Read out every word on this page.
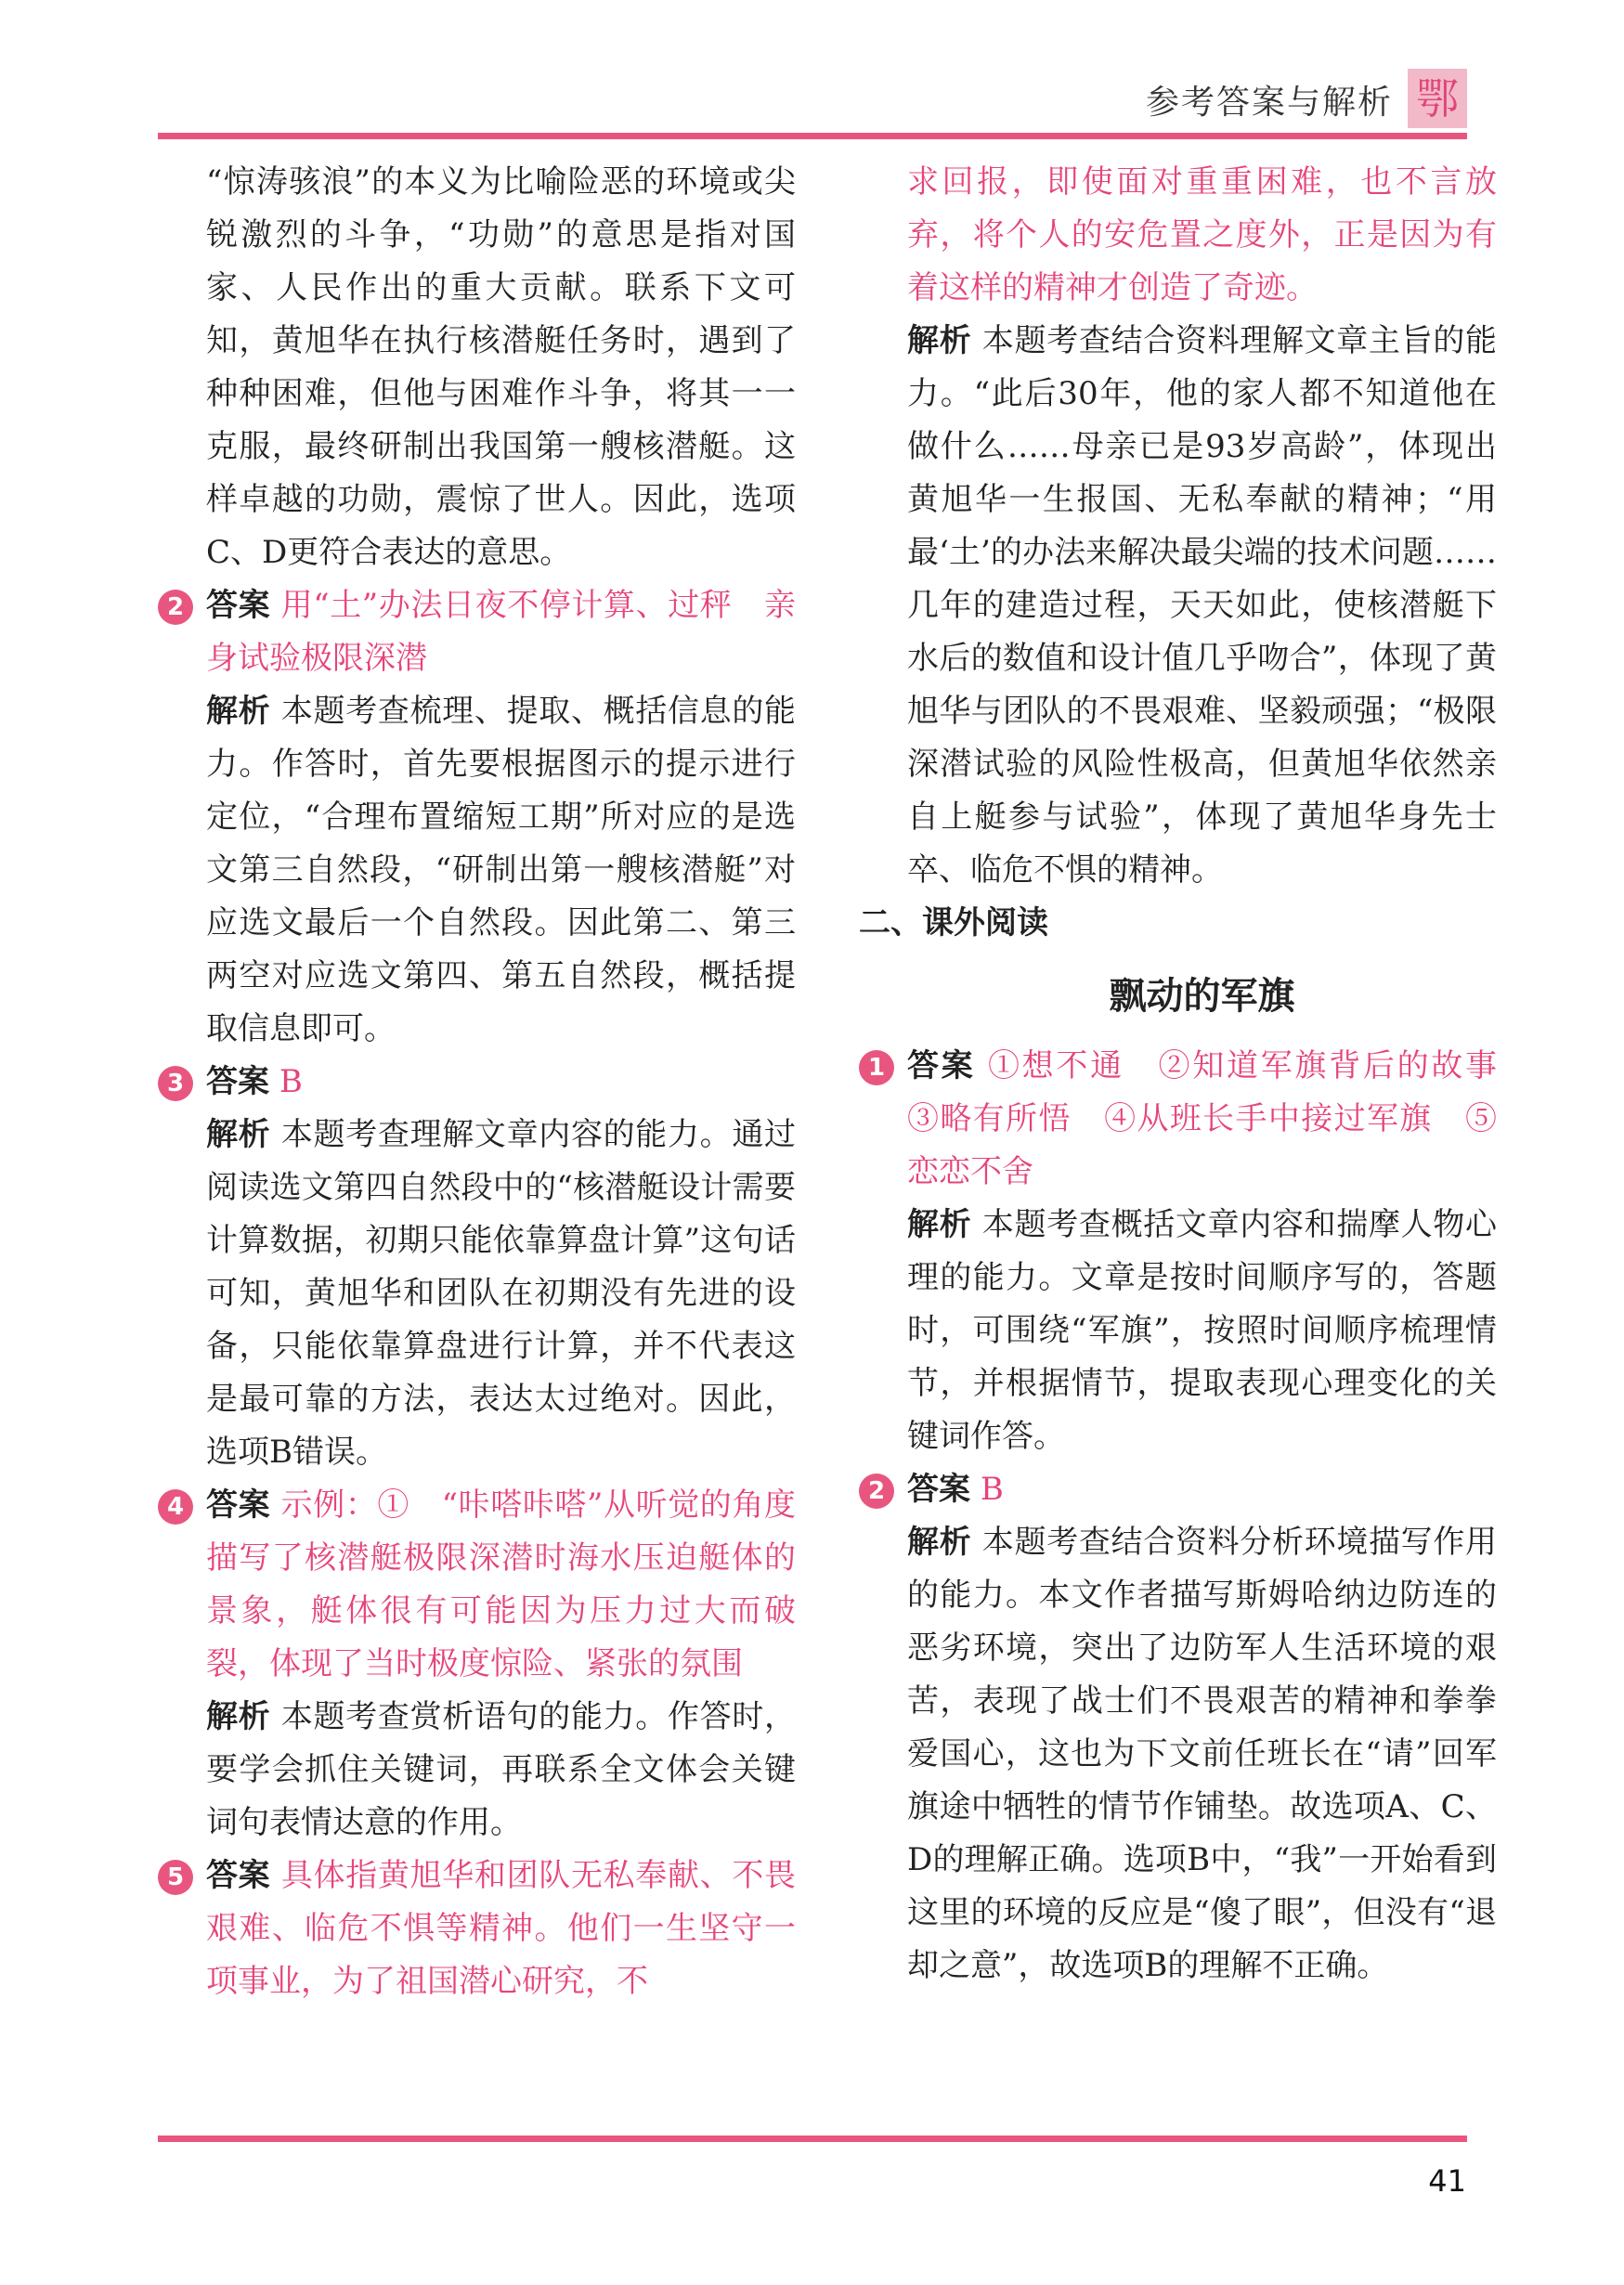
参考答案与解析 鄂

“惊涛骇浪”的本义为比喻险恶的环境或尖锐激烈的斗争，“功勋”的意思是指对国家、人民作出的重大贡献。联系下文可知，黄旭华在执行核潜艇任务时，遇到了种种困难，但他与困难作斗争，将其一一克服，最终研制出我国第一艘核潜艇。这样卓越的功勋，震惊了世人。因此，选项C、D更符合表达的意思。

2 答案 用“土”办法日夜不停计算、过秤　亲身试验极限深潜

解析 本题考查梳理、提取、概括信息的能力。作答时，首先要根据图示的提示进行定位，“合理布置缩短工期”所对应的是选文第三自然段，“研制出第一艘核潜艇”对应选文最后一个自然段。因此第二、第三两空对应选文第四、第五自然段，概括提取信息即可。

3 答案 B

解析 本题考查理解文章内容的能力。通过阅读选文第四自然段中的“核潜艇设计需要计算数据，初期只能依靠算盘计算”这句话可知，黄旭华和团队在初期没有先进的设备，只能依靠算盘进行计算，并不代表这是最可靠的方法，表达太过绝对。因此，选项B错误。

4 答案 示例：①　“咔嗒咔嗒”从听觉的角度描写了核潜艇极限深潜时海水压迫艇体的景象，艇体很有可能因为压力过大而破裂，体现了当时极度惊险、紧张的氛围

解析 本题考查赏析语句的能力。作答时，要学会抓住关键词，再联系全文体会关键词句表情达意的作用。

5 答案 具体指黄旭华和团队无私奉献、不畏艰难、临危不惧等精神。他们一生坚守一项事业，为了祖国潜心研究，不

求回报，即使面对重重困难，也不言放弃，将个人的安危置之度外，正是因为有着这样的精神才创造了奇迹。

解析 本题考查结合资料理解文章主旨的能力。“此后30年，他的家人都不知道他在做什么……母亲已是93岁高龄”，体现出黄旭华一生报国、无私奉献的精神；“用最‘土’的办法来解决最尖端的技术问题……几年的建造过程，天天如此，使核潜艇下水后的数值和设计值几乎吻合”，体现了黄旭华与团队的不畏艰难、坚毅顽强；“极限深潜试验的风险性极高，但黄旭华依然亲自上艇参与试验”，体现了黄旭华身先士卒、临危不惧的精神。

二、课外阅读

飘动的军旗

1 答案 ①想不通　②知道军旗背后的故事　③略有所悟　④从班长手中接过军旗　⑤恋恋不舍

解析 本题考查概括文章内容和揣摩人物心理的能力。文章是按时间顺序写的，答题时，可围绕“军旗”，按照时间顺序梳理情节，并根据情节，提取表现心理变化的关键词作答。

2 答案 B

解析 本题考查结合资料分析环境描写作用的能力。本文作者描写斯姆哈纳边防连的恶劣环境，突出了边防军人生活环境的艰苦，表现了战士们不畏艰苦的精神和拳拳爱国心，这也为下文前任班长在“请”回军旗途中牺牲的情节作铺垫。故选项A、C、D的理解正确。选项B中，“我”一开始看到这里的环境的反应是“傻了眼”，但没有“退却之意”，故选项B的理解不正确。

41
